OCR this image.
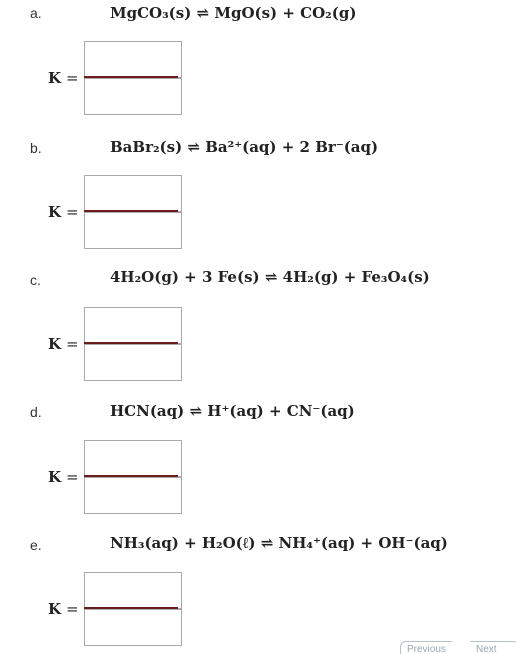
a.	MgCO₃(s) ⇌ MgO(s) + CO₂(g)
K =
b.	BaBr₂(s) ⇌ Ba²⁺(aq) + 2 Br⁻(aq)
K =
c.	4H₂O(g) + 3 Fe(s) ⇌ 4H₂(g) + Fe₃O₄(s)
K =
d.	HCN(aq) ⇌ H⁺(aq) + CN⁻(aq)
K =
e.	NH₃(aq) + H₂O(ℓ) ⇌ NH₄⁺(aq) + OH⁻(aq)
K =
Previous	Next
